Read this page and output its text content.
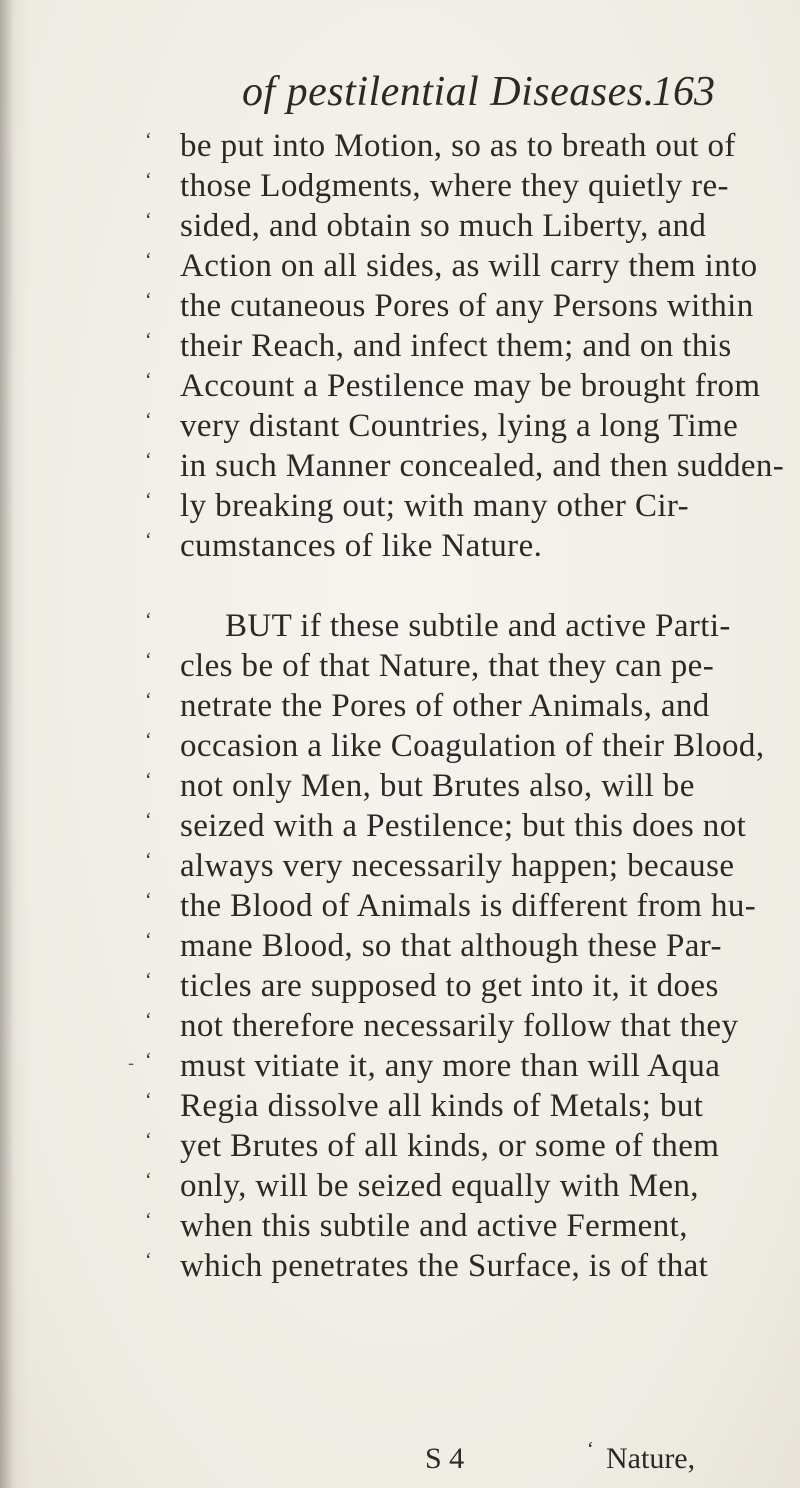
of pestilential Diseases.
163
‘ be put into Motion, so as to breath out of
‘ those Lodgments, where they quietly re-
‘ sided, and obtain so much Liberty, and
‘ Action on all sides, as will carry them into
‘ the cutaneous Pores of any Persons within
‘ their Reach, and infect them; and on this
‘ Account a Pestilence may be brought from
‘ very distant Countries, lying a long Time
‘ in such Manner concealed, and then sudden-
‘ ly breaking out; with many other Cir-
‘ cumstances of like Nature.
‘ BUT if these subtile and active Parti-
‘ cles be of that Nature, that they can pe-
‘ netrate the Pores of other Animals, and
‘ occasion a like Coagulation of their Blood,
‘ not only Men, but Brutes also, will be
‘ seized with a Pestilence; but this does not
‘ always very necessarily happen; because
‘ the Blood of Animals is different from hu-
‘ mane Blood, so that although these Par-
‘ ticles are supposed to get into it, it does
‘ not therefore necessarily follow that they
‘ must vitiate it, any more than will Aqua
‘ Regia dissolve all kinds of Metals; but
‘ yet Brutes of all kinds, or some of them
‘ only, will be seized equally with Men,
‘ when this subtile and active Ferment,
‘ which penetrates the Surface, is of that
-
S 4	‘ Nature,
